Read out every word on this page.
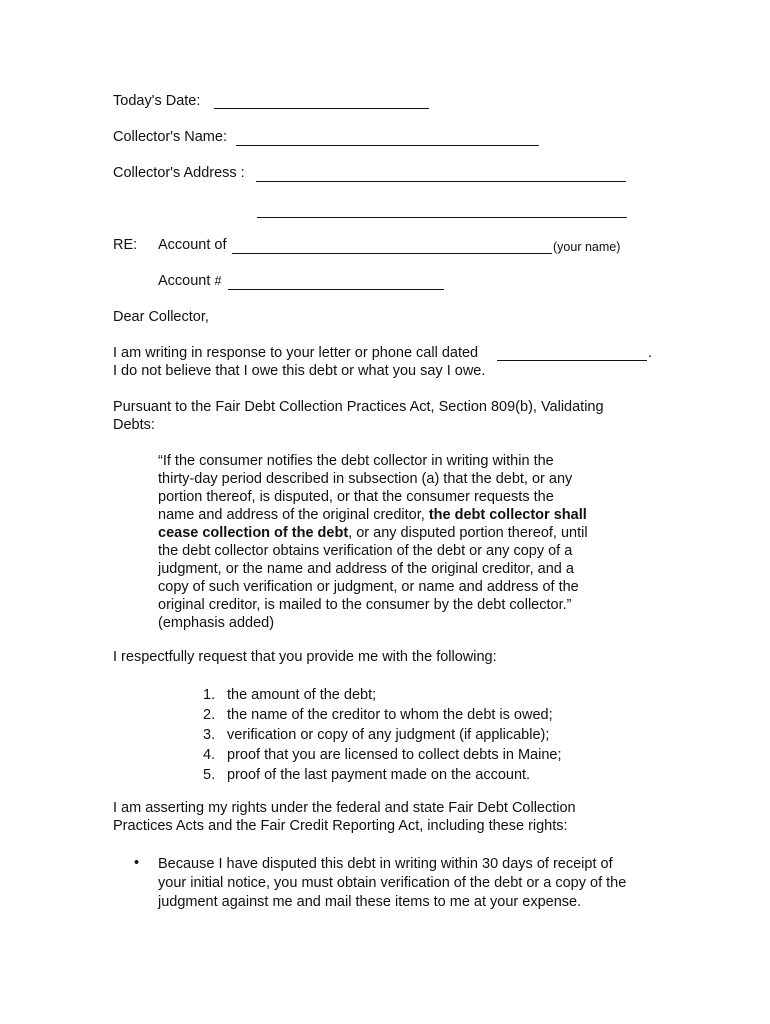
Today's Date:
Collector's Name:
Collector's Address :
RE: Account of	(your name)
Account #
Dear Collector,
I am writing in response to your letter or phone call dated	.
I do not believe that I owe this debt or what you say I owe.
Pursuant to the Fair Debt Collection Practices Act, Section 809(b), Validating
Debts:
“If the consumer notifies the debt collector in writing within the
thirty-day period described in subsection (a) that the debt, or any
portion thereof, is disputed, or that the consumer requests the
name and address of the original creditor, the debt collector shall
cease collection of the debt, or any disputed portion thereof, until
the debt collector obtains verification of the debt or any copy of a
judgment, or the name and address of the original creditor, and a
copy of such verification or judgment, or name and address of the
original creditor, is mailed to the consumer by the debt collector.”
(emphasis added)
I respectfully request that you provide me with the following:
1. the amount of the debt;
2. the name of the creditor to whom the debt is owed;
3. verification or copy of any judgment (if applicable);
4. proof that you are licensed to collect debts in Maine;
5. proof of the last payment made on the account.
I am asserting my rights under the federal and state Fair Debt Collection
Practices Acts and the Fair Credit Reporting Act, including these rights:
• Because I have disputed this debt in writing within 30 days of receipt of
your initial notice, you must obtain verification of the debt or a copy of the
judgment against me and mail these items to me at your expense.
